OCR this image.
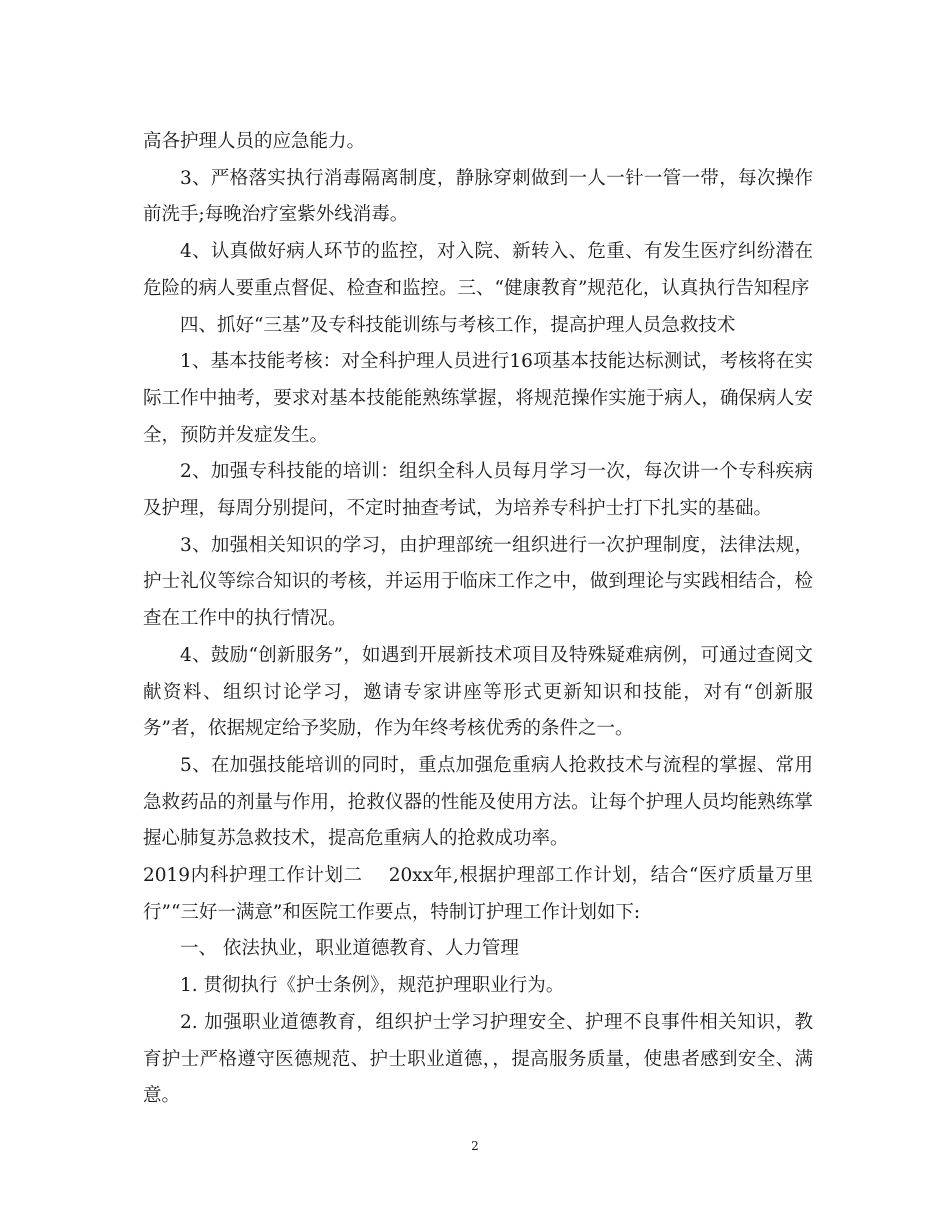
高各护理人员的应急能力。

3、严格落实执行消毒隔离制度，静脉穿刺做到一人一针一管一带，每次操作前洗手;每晚治疗室紫外线消毒。

4、认真做好病人环节的监控，对入院、新转入、危重、有发生医疗纠纷潜在危险的病人要重点督促、检查和监控。三、“健康教育”规范化，认真执行告知程序

四、抓好“三基”及专科技能训练与考核工作，提高护理人员急救技术

1、基本技能考核：对全科护理人员进行16项基本技能达标测试，考核将在实际工作中抽考，要求对基本技能能熟练掌握，将规范操作实施于病人，确保病人安全，预防并发症发生。

2、加强专科技能的培训：组织全科人员每月学习一次，每次讲一个专科疾病及护理，每周分别提问，不定时抽查考试，为培养专科护士打下扎实的基础。

3、加强相关知识的学习，由护理部统一组织进行一次护理制度，法律法规，护士礼仪等综合知识的考核，并运用于临床工作之中，做到理论与实践相结合，检查在工作中的执行情况。

4、鼓励“创新服务”，如遇到开展新技术项目及特殊疑难病例，可通过查阅文献资料、组织讨论学习，邀请专家讲座等形式更新知识和技能，对有“创新服务”者，依据规定给予奖励，作为年终考核优秀的条件之一。

5、在加强技能培训的同时，重点加强危重病人抢救技术与流程的掌握、常用急救药品的剂量与作用，抢救仪器的性能及使用方法。让每个护理人员均能熟练掌握心肺复苏急救技术，提高危重病人的抢救成功率。

2019内科护理工作计划二    20xx年,根据护理部工作计划，结合“医疗质量万里行”“三好一满意”和医院工作要点，特制订护理工作计划如下:

一、 依法执业，职业道德教育、人力管理

1. 贯彻执行《护士条例》，规范护理职业行为。

2. 加强职业道德教育，组织护士学习护理安全、护理不良事件相关知识，教育护士严格遵守医德规范、护士职业道德，，提高服务质量，使患者感到安全、满意。

2
